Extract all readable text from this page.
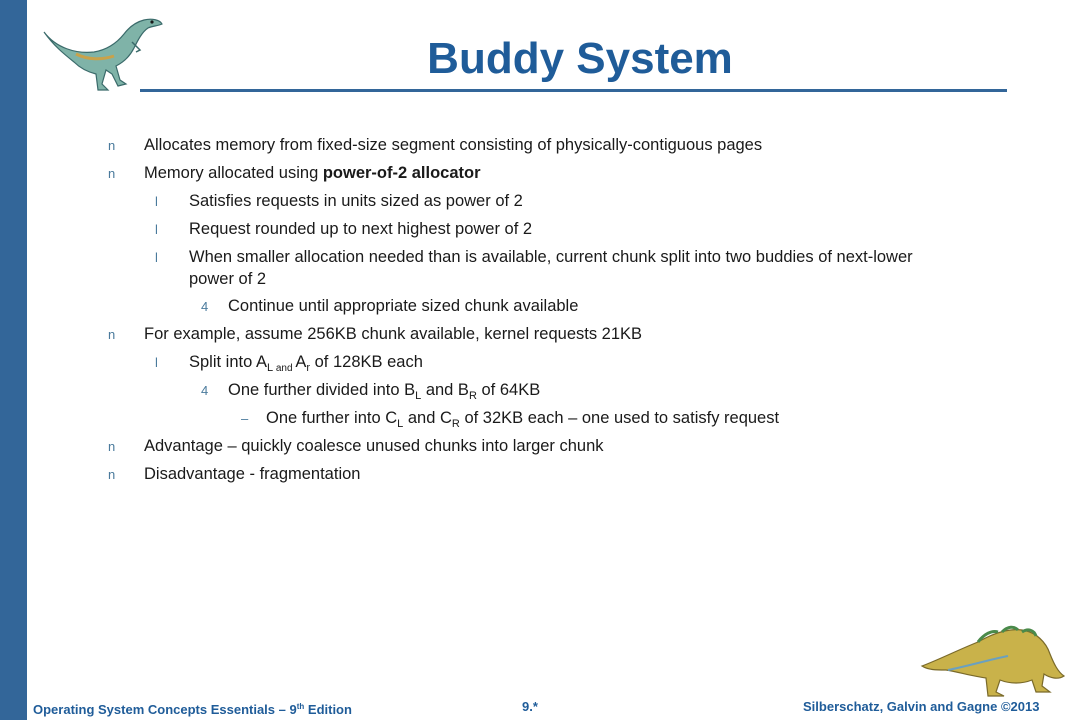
Buddy System
n Allocates memory from fixed-size segment consisting of physically-contiguous pages
n Memory allocated using power-of-2 allocator
l Satisfies requests in units sized as power of 2
l Request rounded up to next highest power of 2
l When smaller allocation needed than is available, current chunk split into two buddies of next-lower
power of 2
4 Continue until appropriate sized chunk available
n For example, assume 256KB chunk available, kernel requests 21KB
l Split into $A_L$ $_{and}$ $A_r$ of 128KB each
4 One further divided into $B_L$ and $B_R$ of 64KB
– One further into $C_L$ and $C_R$ of 32KB each – one used to satisfy request
n Advantage – quickly coalesce unused chunks into larger chunk
n Disadvantage - fragmentation
Operating System Concepts Essentials – 9th Edition	9.*	Silberschatz, Galvin and Gagne ©2013
